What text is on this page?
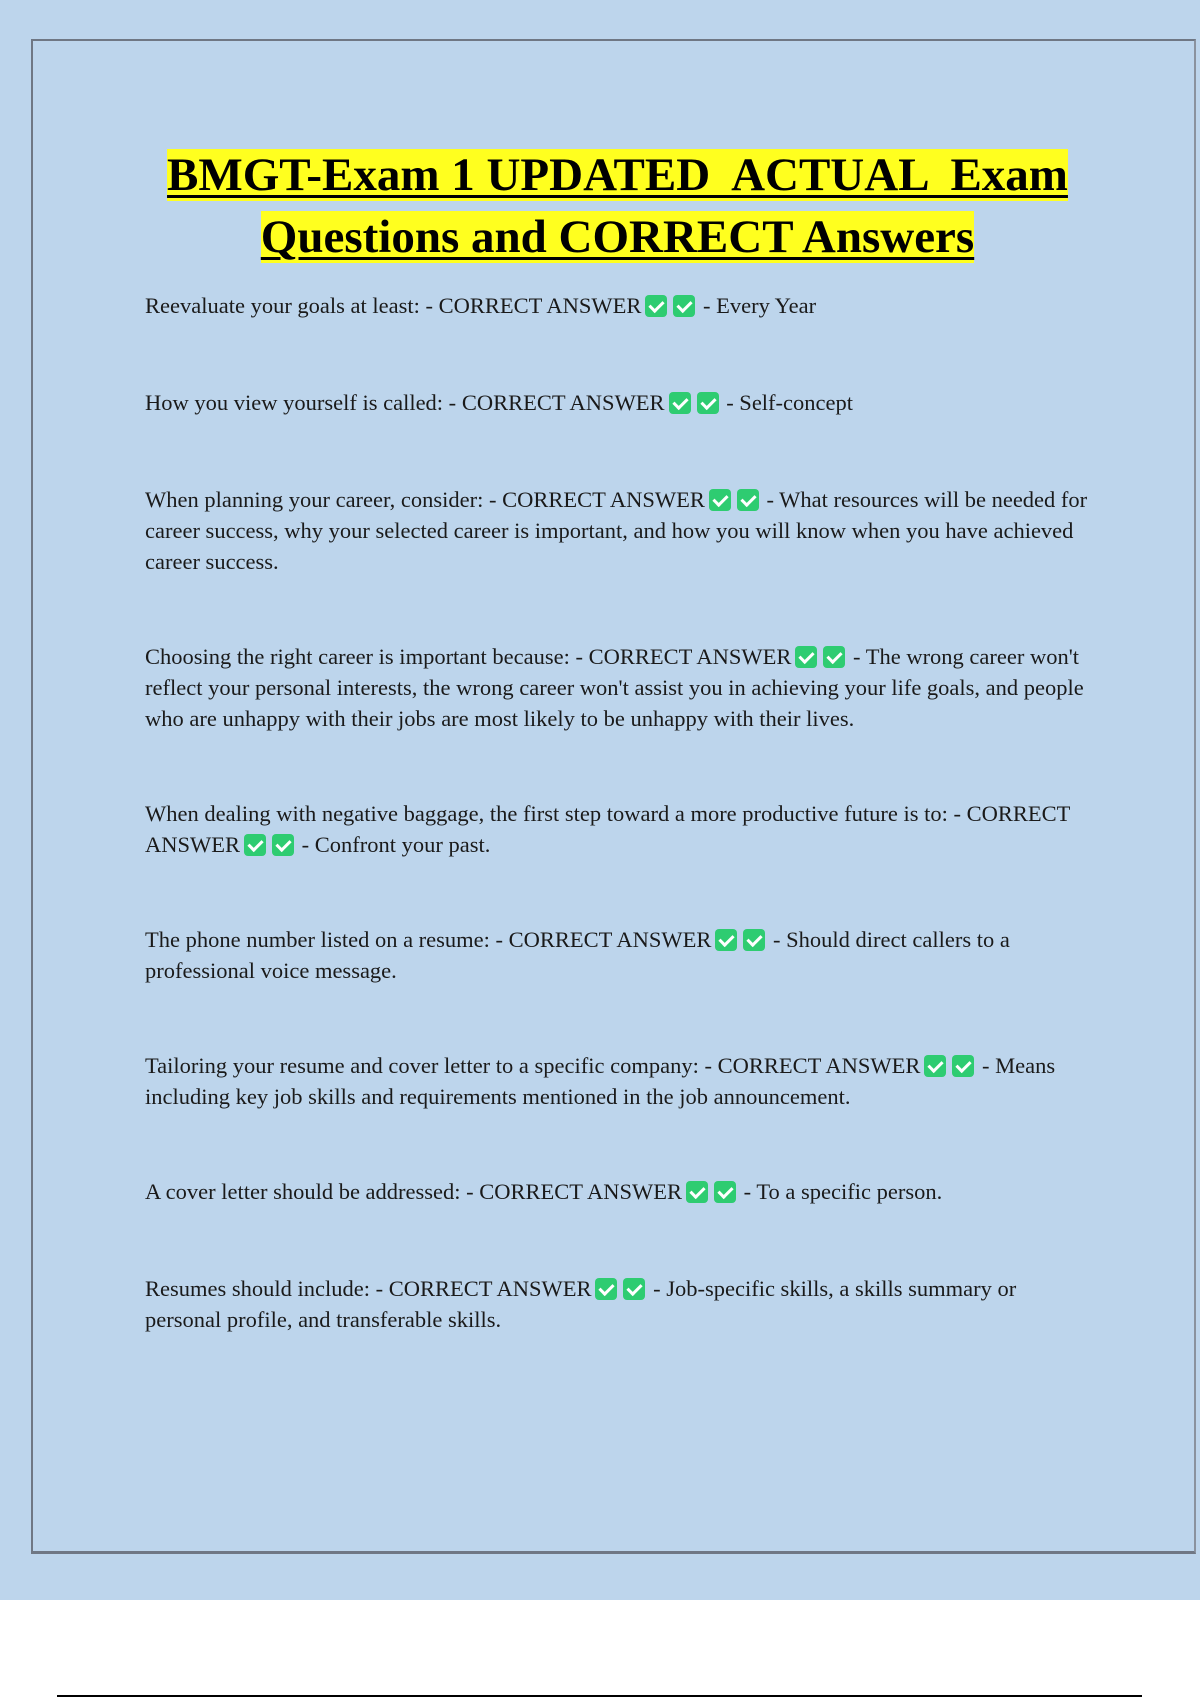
BMGT-Exam 1 UPDATED  ACTUAL  Exam
Questions and CORRECT Answers

Reevaluate your goals at least: - CORRECT ANSWER - Every Year

How you view yourself is called: - CORRECT ANSWER - Self-concept

When planning your career, consider: - CORRECT ANSWER - What resources will be needed for career success, why your selected career is important, and how you will know when you have achieved career success.

Choosing the right career is important because: - CORRECT ANSWER - The wrong career won't reflect your personal interests, the wrong career won't assist you in achieving your life goals, and people who are unhappy with their jobs are most likely to be unhappy with their lives.

When dealing with negative baggage, the first step toward a more productive future is to: - CORRECT ANSWER - Confront your past.

The phone number listed on a resume: - CORRECT ANSWER - Should direct callers to a professional voice message.

Tailoring your resume and cover letter to a specific company: - CORRECT ANSWER - Means including key job skills and requirements mentioned in the job announcement.

A cover letter should be addressed: - CORRECT ANSWER - To a specific person.

Resumes should include: - CORRECT ANSWER - Job-specific skills, a skills summary or personal profile, and transferable skills.
